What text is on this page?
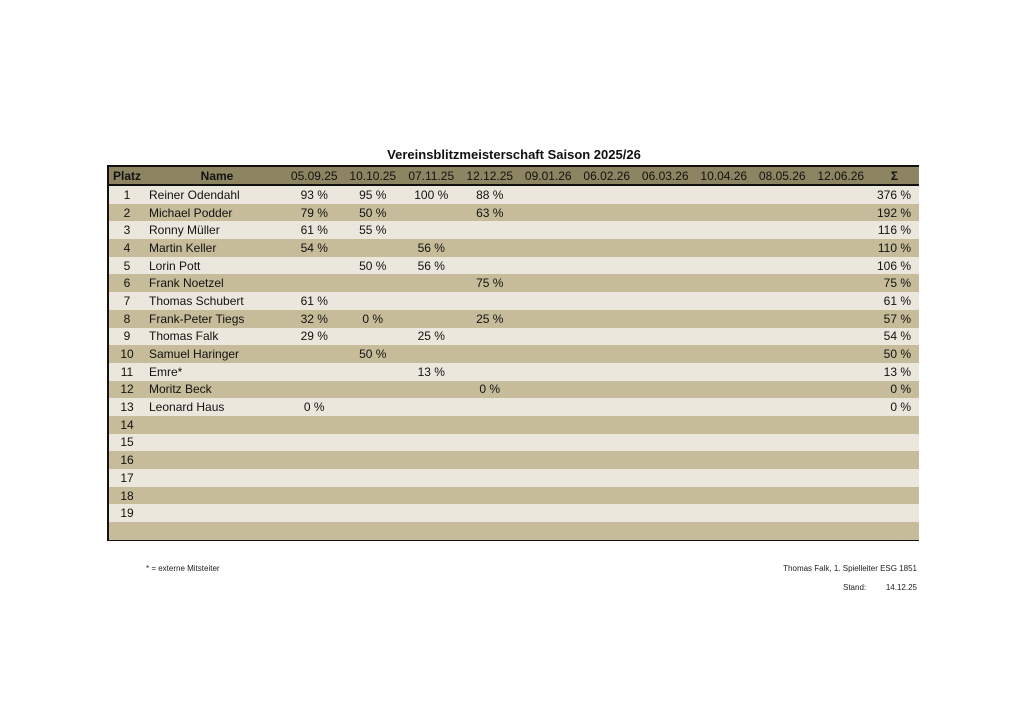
Vereinsblitzmeisterschaft Saison 2025/26
Platz	Name	05.09.25	10.10.25	07.11.25	12.12.25	09.01.26	06.02.26	06.03.26	10.04.26	08.05.26	12.06.26	Σ
1	Reiner Odendahl	93 %	95 %	100 %	88 %							376 %
2	Michael Podder	79 %	50 %		63 %							192 %
3	Ronny Müller	61 %	55 %									116 %
4	Martin Keller	54 %		56 %								110 %
5	Lorin Pott		50 %	56 %								106 %
6	Frank Noetzel				75 %							75 %
7	Thomas Schubert	61 %										61 %
8	Frank-Peter Tiegs	32 %	0 %		25 %							57 %
9	Thomas Falk	29 %		25 %								54 %
10	Samuel Haringer		50 %									50 %
11	Emre*			13 %								13 %
12	Moritz Beck				0 %							0 %
13	Leonard Haus	0 %										0 %
14												
15												
16												
17												
18												
19												

* = externe Mitsteiter	Thomas Falk, 1. Spielleiter ESG 1851
Stand: 14.12.25
